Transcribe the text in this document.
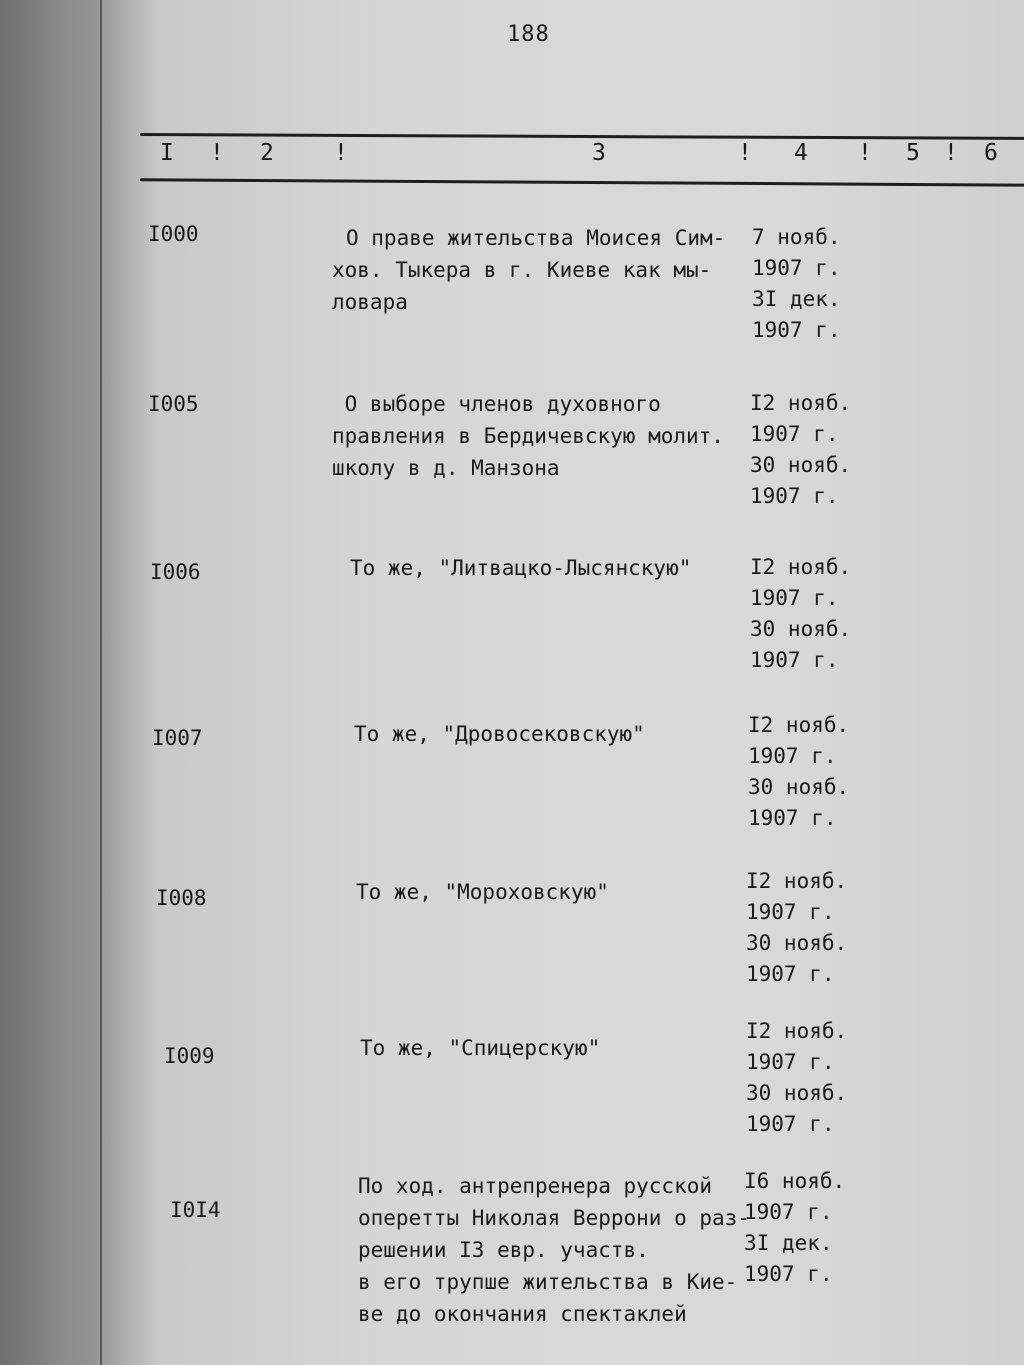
188
I ! 2	!	3	! 4 ! 5 ! 6
I000	О праве жительства Моисея Сим-
хов. Тыкера в г. Киеве как мы-
ловара
7 нояб.
1907 г.
3I дек.
1907 г.
I005	О выборе членов духовного
правления в Бердичевскую молит.
школу в д. Манзона
I2 нояб.
1907 г.
30 нояб.
1907 г.
I006	То же, "Литвацко-Лысянскую"	I2 нояб.
1907 г.
30 нояб.
1907 г.
I007	То же, "Дровосековскую"	I2 нояб.
1907 г.
30 нояб.
1907 г.
I008	То же, "Мороховскую"	I2 нояб.
1907 г.
30 нояб.
1907 г.
I009	То же, "Спицерскую"
I2 нояб.
1907 г.
30 нояб.
1907 г.
I0I4
По ход. антрепренера русской
оперетты Николая Веррони о раз-
решении I3 евр. участв.
в его трупше жительства в Кие-
ве до окончания спектаклей
I6 нояб.
1907 г.
3I дек.
1907 г.
